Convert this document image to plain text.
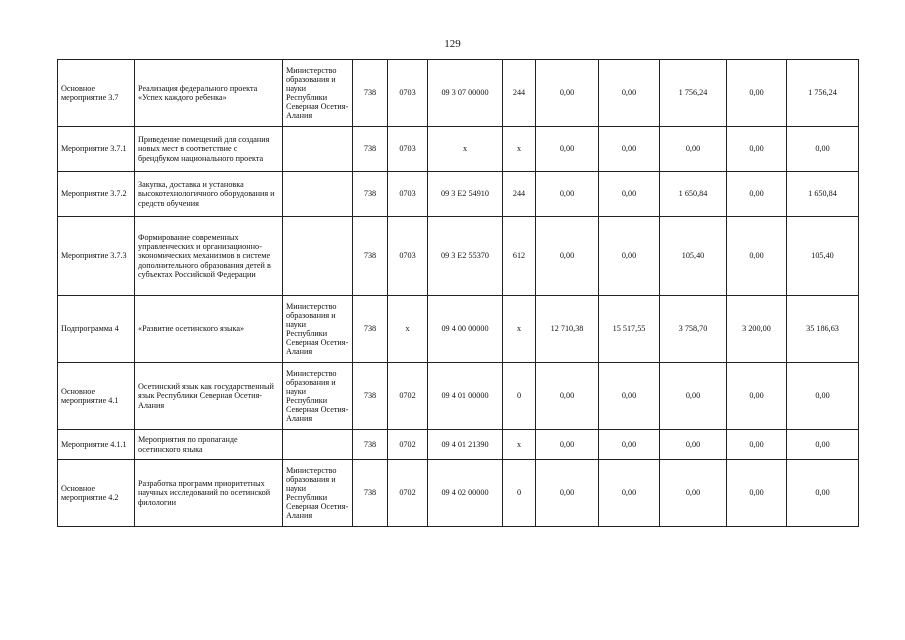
129
Основное мероприятие 3.7	Реализация федерального проекта «Успех каждого ребенка»	Министерство образования и науки Республики Северная Осетия-Алания	738	0703	09 3 07 00000	244	0,00	0,00	1 756,24	0,00	1 756,24
Мероприятие 3.7.1	Приведение помещений для создания новых мест в соответствие с брендбуком национального проекта		738	0703	х	х	0,00	0,00	0,00	0,00	0,00
Мероприятие 3.7.2	Закупка, доставка и установка высокотехнологичного оборудования и средств обучения		738	0703	09 3 Е2 54910	244	0,00	0,00	1 650,84	0,00	1 650,84
Мероприятие 3.7.3	Формирование современных управленческих и организационно-экономических механизмов в системе дополнительного образования детей в субъектах Российской Федерации		738	0703	09 3 Е2 55370	612	0,00	0,00	105,40	0,00	105,40
Подпрограмма 4	«Развитие осетинского языка»	Министерство образования и науки Республики Северная Осетия-Алания	738	х	09 4 00 00000	х	12 710,38	15 517,55	3 758,70	3 200,00	35 186,63
Основное мероприятие 4.1	Осетинский язык как государственный язык Республики Северная Осетия-Алания	Министерство образования и науки Республики Северная Осетия-Алания	738	0702	09 4 01 00000	0	0,00	0,00	0,00	0,00	0,00
Мероприятие 4.1.1	Мероприятия по пропаганде осетинского языка		738	0702	09 4 01 21390	х	0,00	0,00	0,00	0,00	0,00
Основное мероприятие 4.2	Разработка программ приоритетных научных исследований по осетинской филологии	Министерство образования и науки Республики Северная Осетия-Алания	738	0702	09 4 02 00000	0	0,00	0,00	0,00	0,00	0,00
